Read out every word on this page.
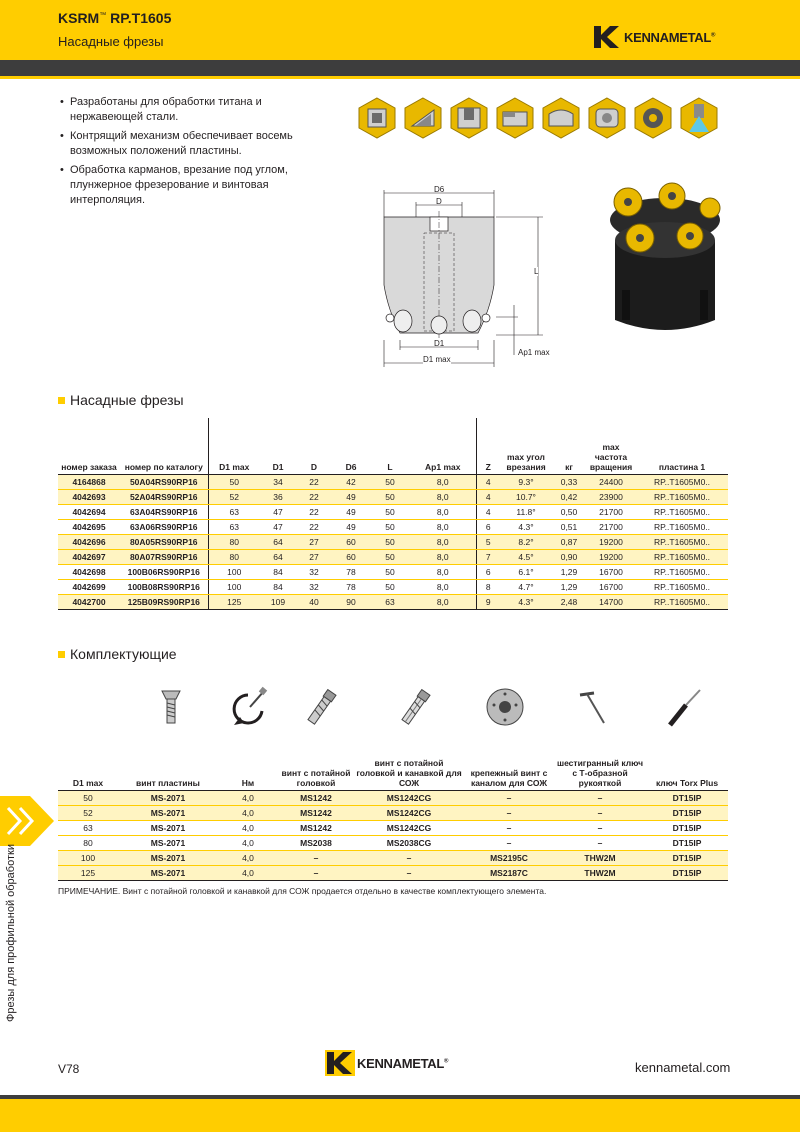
KSRM™ RP.T1605
Насадные фрезы	KENNAMETAL®
• Разработаны для обработки титана и нержавеющей стали.
• Контрящий механизм обеспечивает восемь возможных положений пластины.
• Обработка карманов, врезание под углом, плунжерное фрезерование и винтовая интерполяция.
D6
D
L
D1
D1 max
Ap1 max
Насадные фрезы
номер заказа	номер по каталогу	D1 max	D1	D	D6	L	Ap1 max	Z	max угол врезания	кг	max частота вращения	пластина 1
4164868	50A04RS90RP16	50	34	22	42	50	8,0	4	9.3°	0,33	24400	RP..T1605M0..
4042693	52A04RS90RP16	52	36	22	49	50	8,0	4	10.7°	0,42	23900	RP..T1605M0..
4042694	63A04RS90RP16	63	47	22	49	50	8,0	4	11.8°	0,50	21700	RP..T1605M0..
4042695	63A06RS90RP16	63	47	22	49	50	8,0	6	4.3°	0,51	21700	RP..T1605M0..
4042696	80A05RS90RP16	80	64	27	60	50	8,0	5	8.2°	0,87	19200	RP..T1605M0..
4042697	80A07RS90RP16	80	64	27	60	50	8,0	7	4.5°	0,90	19200	RP..T1605M0..
4042698	100B06RS90RP16	100	84	32	78	50	8,0	6	6.1°	1,29	16700	RP..T1605M0..
4042699	100B08RS90RP16	100	84	32	78	50	8,0	8	4.7°	1,29	16700	RP..T1605M0..
4042700	125B09RS90RP16	125	109	40	90	63	8,0	9	4.3°	2,48	14700	RP..T1605M0..
Комплектующие
D1 max	винт пластины	Нм	винт с потайной головкой	винт с потайной головкой и канавкой для СОЖ	крепежный винт с каналом для СОЖ	шестигранный ключ с Т-образной рукояткой	ключ Torx Plus
50	MS-2071	4,0	MS1242	MS1242CG	–	–	DT15IP
52	MS-2071	4,0	MS1242	MS1242CG	–	–	DT15IP
63	MS-2071	4,0	MS1242	MS1242CG	–	–	DT15IP
80	MS-2071	4,0	MS2038	MS2038CG	–	–	DT15IP
100	MS-2071	4,0	–	–	MS2195C	THW2M	DT15IP
125	MS-2071	4,0	–	–	MS2187C	THW2M	DT15IP
ПРИМЕЧАНИЕ. Винт с потайной головкой и канавкой для СОЖ продается отдельно в качестве комплектующего элемента.
Фрезы для профильной обработки
V78	KENNAMETAL®	kennametal.com
